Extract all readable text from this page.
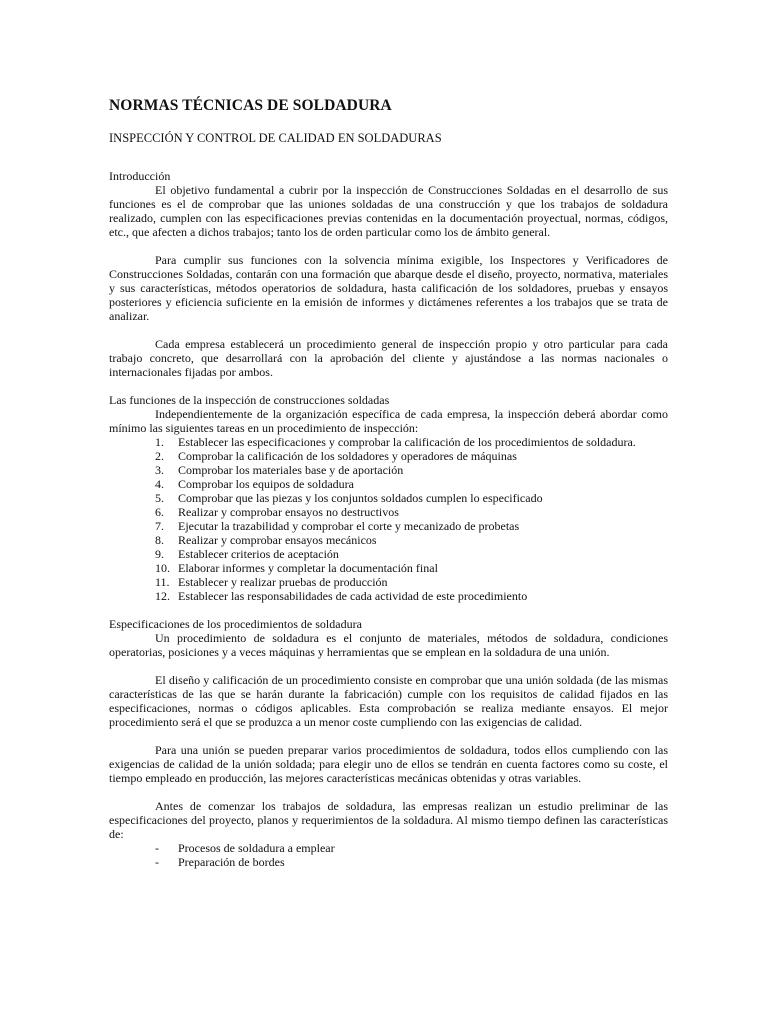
NORMAS TÉCNICAS DE SOLDADURA
INSPECCIÓN Y CONTROL DE CALIDAD EN SOLDADURAS
Introducción

El objetivo fundamental a cubrir por la inspección de Construcciones Soldadas en el desarrollo de sus funciones es el de comprobar que las uniones soldadas de una construcción y que los trabajos de soldadura realizado, cumplen con las especificaciones previas contenidas en la documentación proyectual, normas, códigos, etc., que afecten a dichos trabajos; tanto los de orden particular como los de ámbito general.

Para cumplir sus funciones con la solvencia mínima exigible, los Inspectores y Verificadores de Construcciones Soldadas, contarán con una formación que abarque desde el diseño, proyecto, normativa, materiales y sus características, métodos operatorios de soldadura, hasta calificación de los soldadores, pruebas y ensayos posteriores y eficiencia suficiente en la emisión de informes y dictámenes referentes a los trabajos que se trata de analizar.

Cada empresa establecerá un procedimiento general de inspección propio y otro particular para cada trabajo concreto, que desarrollará con la aprobación del cliente y ajustándose a las normas nacionales o internacionales fijadas por ambos.

Las funciones de la inspección de construcciones soldadas

Independientemente de la organización específica de cada empresa, la inspección deberá abordar como mínimo las siguientes tareas en un procedimiento de inspección:

1.	Establecer las especificaciones y comprobar la calificación de los procedimientos de soldadura.
2.	Comprobar la calificación de los soldadores y operadores de máquinas
3.	Comprobar los materiales base y de aportación
4.	Comprobar los equipos de soldadura
5.	Comprobar que las piezas y los conjuntos soldados cumplen lo especificado
6.	Realizar y comprobar ensayos no destructivos
7.	Ejecutar la trazabilidad y comprobar el corte y mecanizado de probetas
8.	Realizar y comprobar ensayos mecánicos
9.	Establecer criterios de aceptación
10. Elaborar informes y completar la documentación final
11. Establecer y realizar pruebas de producción
12. Establecer las responsabilidades de cada actividad de este procedimiento
Especificaciones de los procedimientos de soldadura

Un procedimiento de soldadura es el conjunto de materiales, métodos de soldadura, condiciones operatorias, posiciones y a veces máquinas y herramientas que se emplean en la soldadura de una unión.

El diseño y calificación de un procedimiento consiste en comprobar que una unión soldada (de las mismas características de las que se harán durante la fabricación) cumple con los requisitos de calidad fijados en las especificaciones, normas o códigos aplicables. Esta comprobación se realiza mediante ensayos. El mejor procedimiento será el que se produzca a un menor coste cumpliendo con las exigencias de calidad.

Para una unión se pueden preparar varios procedimientos de soldadura, todos ellos cumpliendo con las exigencias de calidad de la unión soldada; para elegir uno de ellos se tendrán en cuenta factores como su coste, el tiempo empleado en producción, las mejores características mecánicas obtenidas y otras variables.

Antes de comenzar los trabajos de soldadura, las empresas realizan un estudio preliminar de las especificaciones del proyecto, planos y requerimientos de la soldadura. Al mismo tiempo definen las características de:

-	Procesos de soldadura a emplear
-	Preparación de bordes
